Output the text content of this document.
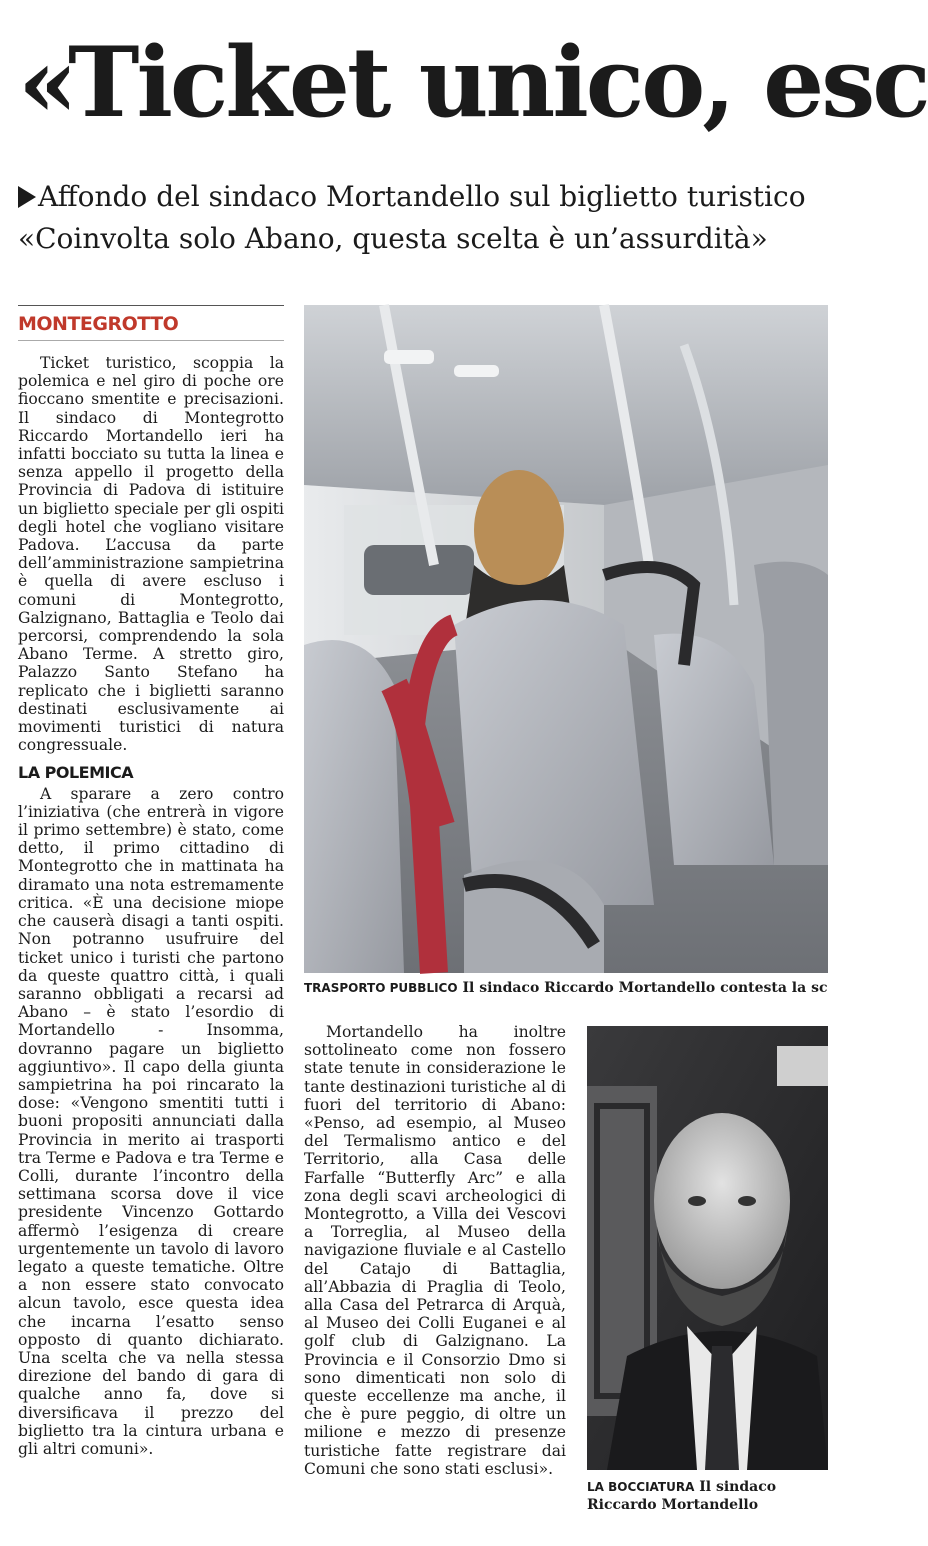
«Ticket unico, esc
Affondo del sindaco Mortandello sul biglietto turistico
«Coinvolta solo Abano, questa scelta è un’assurdità»
MONTEGROTTO

Ticket turistico, scoppia la polemica e nel giro di poche ore fioccano smentite e precisazioni. Il sindaco di Montegrotto Riccardo Mortandello ieri ha infatti bocciato su tutta la linea e senza appello il progetto della Provincia di Padova di istituire un biglietto speciale per gli ospiti degli hotel che vogliano visitare Padova. L’accusa da parte dell’amministrazione sampietrina è quella di avere escluso i comuni di Montegrotto, Galzignano, Battaglia e Teolo dai percorsi, comprendendo la sola Abano Terme. A stretto giro, Palazzo Santo Stefano ha replicato che i biglietti saranno destinati esclusivamente ai movimenti turistici di natura congressuale.

LA POLEMICA

A sparare a zero contro l’iniziativa (che entrerà in vigore il primo settembre) è stato, come detto, il primo cittadino di Montegrotto che in mattinata ha diramato una nota estremamente critica. «È una decisione miope che causerà disagi a tanti ospiti. Non potranno usufruire del ticket unico i turisti che partono da queste quattro città, i quali saranno obbligati a recarsi ad Abano – è stato l’esordio di Mortandello - Insomma, dovranno pagare un biglietto aggiuntivo». Il capo della giunta sampietrina ha poi rincarato la dose: «Vengono smentiti tutti i buoni propositi annunciati dalla Provincia in merito ai trasporti tra Terme e Padova e tra Terme e Colli, durante l’incontro della settimana scorsa dove il vice presidente Vincenzo Gottardo affermò l’esigenza di creare urgentemente un tavolo di lavoro legato a queste tematiche. Oltre a non essere stato convocato alcun tavolo, esce questa idea che incarna l’esatto senso opposto di quanto dichiarato. Una scelta che va nella stessa direzione del bando di gara di qualche anno fa, dove si diversificava il prezzo del biglietto tra la cintura urbana e gli altri comuni».

TRASPORTO PUBBLICO Il sindaco Riccardo Mortandello contesta la sc

Mortandello ha inoltre sottolineato come non fossero state tenute in considerazione le tante destinazioni turistiche al di fuori del territorio di Abano: «Penso, ad esempio, al Museo del Termalismo antico e del Territorio, alla Casa delle Farfalle “Butterfly Arc” e alla zona degli scavi archeologici di Montegrotto, a Villa dei Vescovi a Torreglia, al Museo della navigazione fluviale e al Castello del Catajo di Battaglia, all’Abbazia di Praglia di Teolo, alla Casa del Petrarca di Arquà, al Museo dei Colli Euganei e al golf club di Galzignano. La Provincia e il Consorzio Dmo si sono dimenticati non solo di queste eccellenze ma anche, il che è pure peggio, di oltre un milione e mezzo di presenze turistiche fatte registrare dai Comuni che sono stati esclusi».

LA BOCCIATURA Il sindaco Riccardo Mortandello
